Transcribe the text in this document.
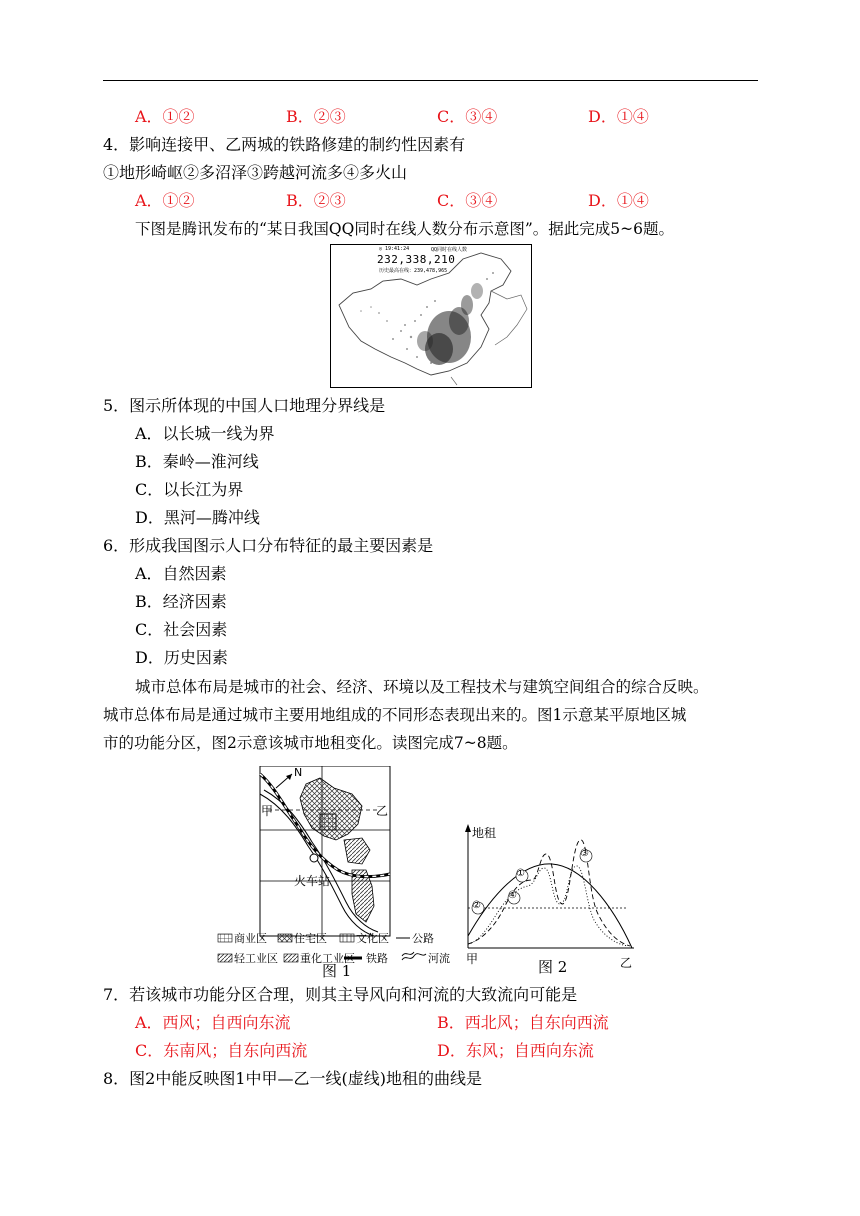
A．①②	B．②③	C．③④	D．①④
4．影响连接甲、乙两城的铁路修建的制约性因素有
①地形崎岖②多沼泽③跨越河流多④多火山
A．①②	B．②③	C．③④	D．①④
下图是腾讯发布的“某日我国QQ同时在线人数分布示意图”。据此完成5~6题。
◎ 19:41:24	QQ同时在线人数
232,338,210
历史最高在线：239,478,965
5．图示所体现的中国人口地理分界线是
A．以长城一线为界
B．秦岭—淮河线
C．以长江为界
D．黑河—腾冲线
6．形成我国图示人口分布特征的最主要因素是
A．自然因素
B．经济因素
C．社会因素
D．历史因素
城市总体布局是城市的社会、经济、环境以及工程技术与建筑空间组合的综合反映。
城市总体布局是通过城市主要用地组成的不同形态表现出来的。图1示意某平原地区城
市的功能分区，图2示意该城市地租变化。读图完成7~8题。
N
甲	乙
火车站
商业区 住宅区	文化区 公路
轻工业区 重化工业区 铁路	河流
图 1
地租
①
②
③
④
甲	乙
图 2
7．若该城市功能分区合理，则其主导风向和河流的大致流向可能是
A．西风；自西向东流	B．西北风；自东向西流
C．东南风；自东向西流	D．东风；自西向东流
8．图2中能反映图1中甲—乙一线(虚线)地租的曲线是
